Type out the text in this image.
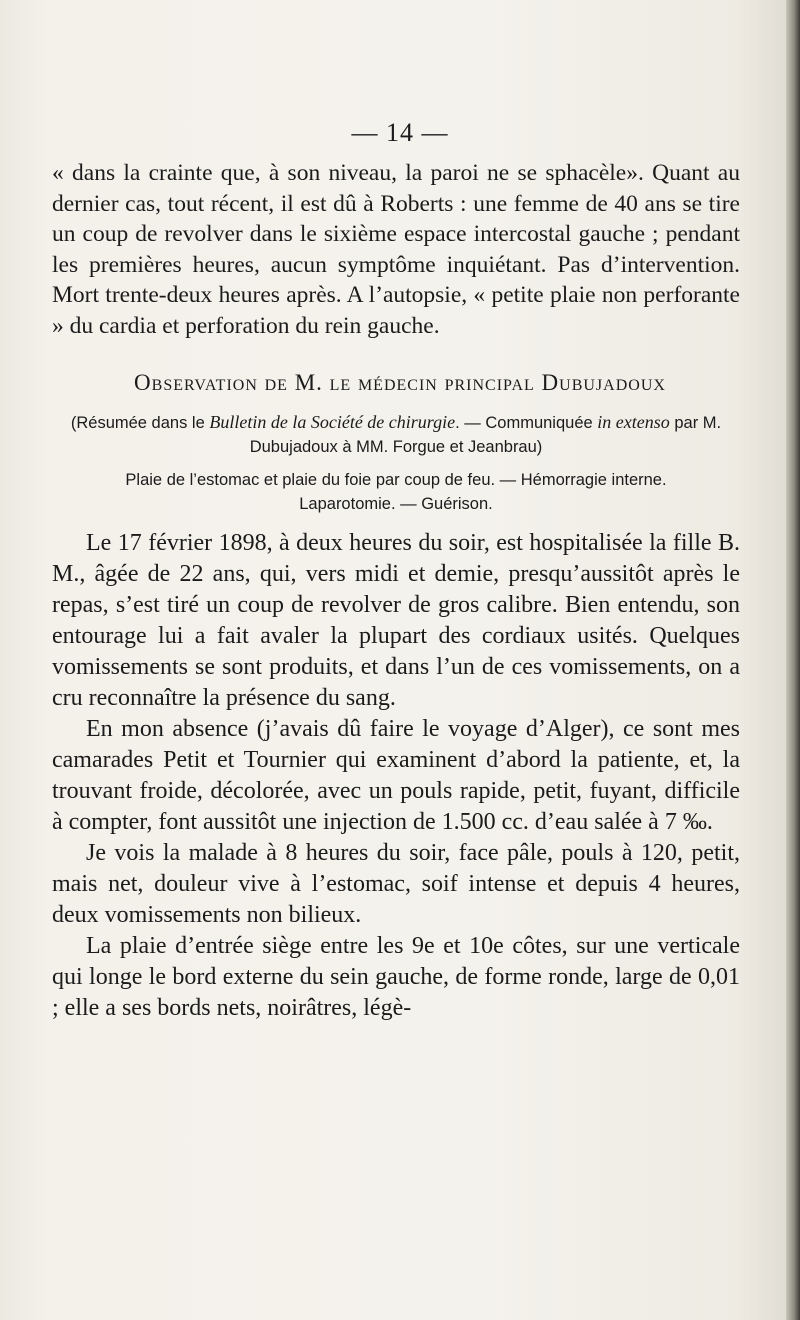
— 14 —

« dans la crainte que, à son niveau, la paroi ne se sphacèle». Quant au dernier cas, tout récent, il est dû à Roberts : une femme de 40 ans se tire un coup de revolver dans le sixième espace intercostal gauche ; pendant les premières heures, aucun symptôme inquiétant. Pas d’intervention. Mort trente-deux heures après. A l’autopsie, « petite plaie non perforante » du cardia et perforation du rein gauche.

Observation de M. le médecin principal Dubujadoux
(Résumée dans le Bulletin de la Société de chirurgie. — Communiquée in extenso par M. Dubujadoux à MM. Forgue et Jeanbrau)
Plaie de l’estomac et plaie du foie par coup de feu. — Hémorragie interne.
Laparotomie. — Guérison.

Le 17 février 1898, à deux heures du soir, est hospitalisée la fille B. M., âgée de 22 ans, qui, vers midi et demie, presqu’aussitôt après le repas, s’est tiré un coup de revolver de gros calibre. Bien entendu, son entourage lui a fait avaler la plupart des cordiaux usités. Quelques vomissements se sont produits, et dans l’un de ces vomissements, on a cru reconnaître la présence du sang.

En mon absence (j’avais dû faire le voyage d’Alger), ce sont mes camarades Petit et Tournier qui examinent d’abord la patiente, et, la trouvant froide, décolorée, avec un pouls rapide, petit, fuyant, difficile à compter, font aussitôt une injection de 1.500 cc. d’eau salée à 7 ‰.

Je vois la malade à 8 heures du soir, face pâle, pouls à 120, petit, mais net, douleur vive à l’estomac, soif intense et depuis 4 heures, deux vomissements non bilieux.

La plaie d’entrée siège entre les 9e et 10e côtes, sur une verticale qui longe le bord externe du sein gauche, de forme ronde, large de 0,01 ; elle a ses bords nets, noirâtres, légè-
